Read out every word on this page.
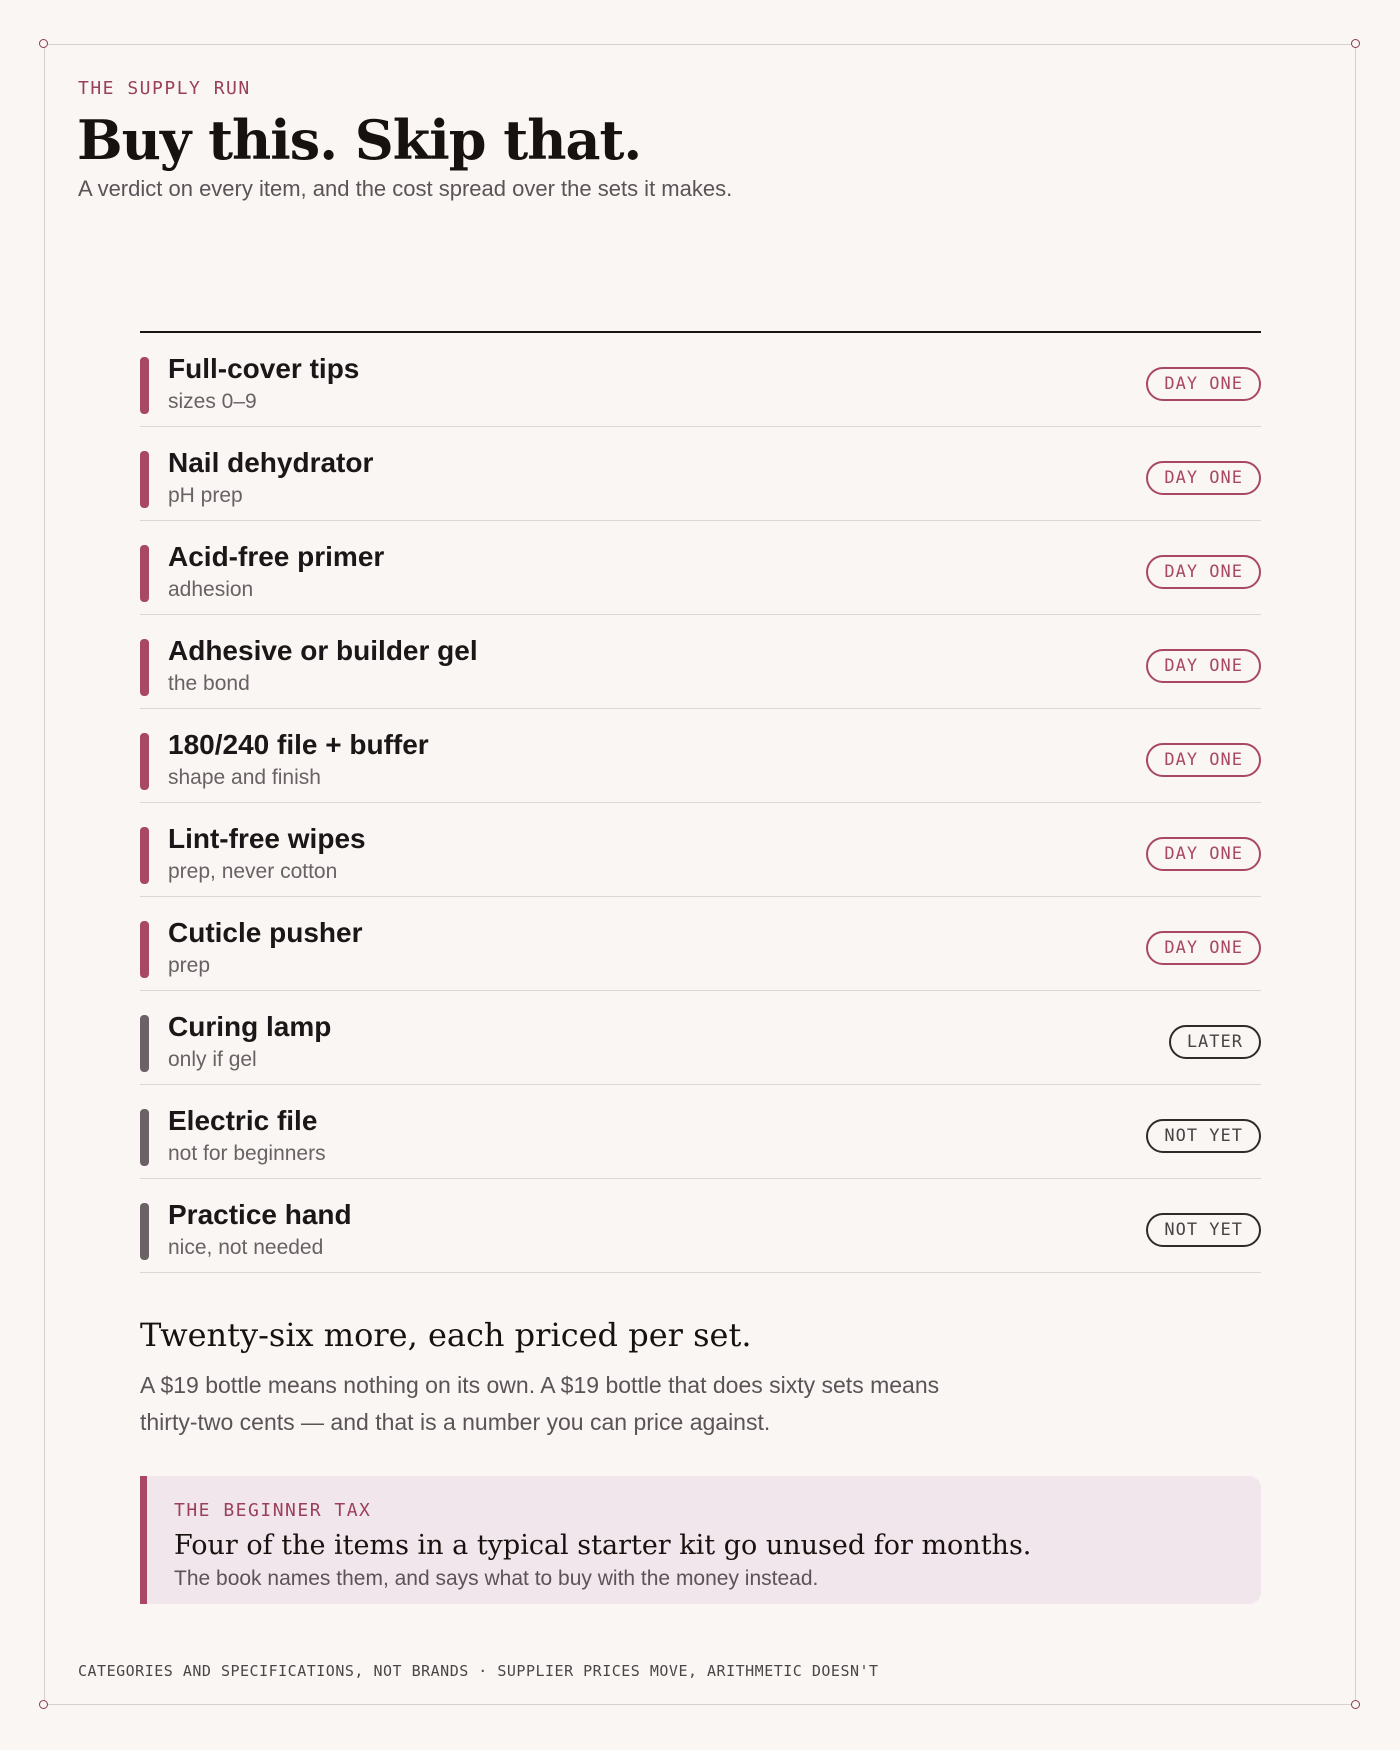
THE SUPPLY RUN
Buy this. Skip that.
A verdict on every item, and the cost spread over the sets it makes.
Full-cover tips
sizes 0–9
DAY ONE
Nail dehydrator
pH prep
DAY ONE
Acid-free primer
adhesion
DAY ONE
Adhesive or builder gel
the bond
DAY ONE
180/240 file + buffer
shape and finish
DAY ONE
Lint-free wipes
prep, never cotton
DAY ONE
Cuticle pusher
prep
DAY ONE
Curing lamp
only if gel
LATER
Electric file
not for beginners
NOT YET
Practice hand
nice, not needed
NOT YET
Twenty-six more, each priced per set.
A $19 bottle means nothing on its own. A $19 bottle that does sixty sets means thirty-two cents — and that is a number you can price against.
THE BEGINNER TAX
Four of the items in a typical starter kit go unused for months.
The book names them, and says what to buy with the money instead.
CATEGORIES AND SPECIFICATIONS, NOT BRANDS · SUPPLIER PRICES MOVE, ARITHMETIC DOESN'T
